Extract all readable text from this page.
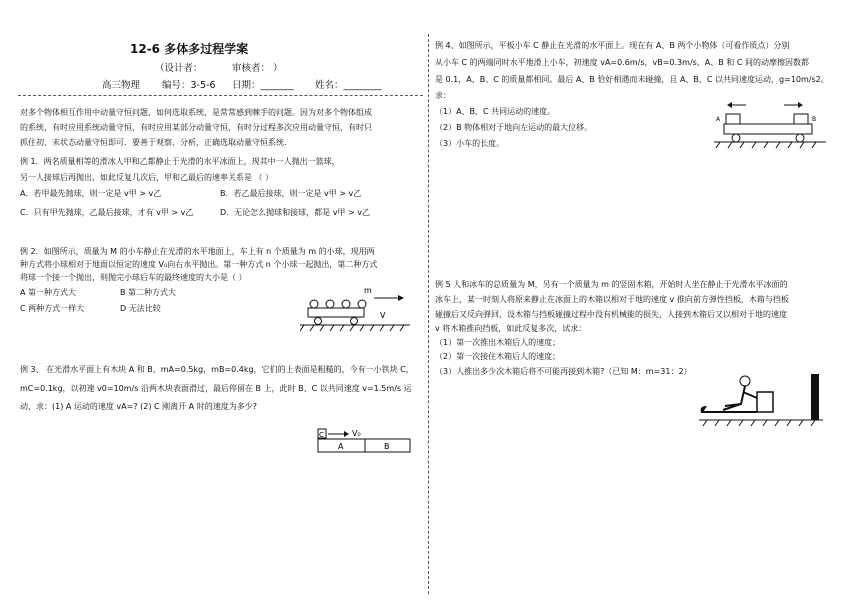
12-6 多体多过程学案
（设计者：	审核者： ）
高三物理 编号：3-5-6 日期：_______ 姓名：________

对多个物体相互作用中动量守恒问题，如何选取系统，是常常感到棘手的问题。因为对多个物体组成

的系统，有时应用系统动量守恒，有时应用某部分动量守恒，有时分过程多次应用动量守恒，有时只

抓住初、末状态动量守恒即可．要善于观察、分析，正确选取动量守恒系统.

例 1．两名质量相等的滑冰人甲和乙都静止于光滑的水平冰面上，现其中一人抛出一篮球，

另一人接球后再抛出，如此反复几次后，甲和乙最后的速率关系是 （ ）

A．若甲最先抛球，则一定是 v甲 > v乙	B．若乙最后接球，则一定是 v甲 > v乙

C．只有甲先抛球，乙最后接球，才有 v甲 > v乙	D．无论怎么抛球和接球，都是 v甲 > v乙

例 2．如图所示，质量为 M 的小车静止在光滑的水平地面上，车上有 n 个质量为 m 的小球，现用两

种方式将小球相对于地面以恒定的速度 V₀向右水平抛出。第一种方式 n 个小球一起抛出，第二种方式

将球一个接一个抛出，则抛完小球后车的最终速度的大小是（ ）

A 第一种方式大	B 第二种方式大

C 两种方式一样大	D 无法比较

例 3、 在光滑水平面上有木块 A 和 B，mA=0.5kg，mB=0.4kg，它们的上表面是粗糙的，今有一小铁块 C，

mC=0.1kg，以初速 v0=10m/s 沿两木块表面滑过，最后停留在 B 上，此时 B、C 以共同速度 v=1.5m/s 运

动，求：(1) A 运动的速度 vA=? (2) C 刚离开 A 时的速度为多少?

m
V
C	V₀
A	B

例 4、如图所示，平板小车 C 静止在光滑的水平面上。现在有 A、B 两个小物体（可看作质点）分别

从小车 C 的两端同时水平地滑上小车，初速度 vA=0.6m/s，vB=0.3m/s，A、B 和 C 间的动摩擦因数都

是 0.1，A、B、C 的质量都相同。最后 A、B 恰好相遇而未碰撞，且 A、B、C 以共同速度运动，g=10m/s2。

求：

（1）A、B、C 共同运动的速度。

（2）B 物体相对于地向左运动的最大位移。

（3）小车的长度。

例 5 人和冰车的总质量为 M，另有一个质量为 m 的竖固木箱，开始时人坐在静止于光滑水平冰面的

冰车上，某一时刻人将原来静止在冰面上的木箱以相对于地的速度 v 推向前方弹性挡板，木箱与挡板

碰撞后又反向弹回，设木箱与挡板碰撞过程中没有机械能的损失，人接到木箱后又以相对于地的速度

v 将木箱推向挡板，如此反复多次，试求：

（1）第一次推出木箱后人的速度；

（2）第一次接住木箱后人的速度；

（3）人推出多少次木箱后将不可能再接到木箱?（已知 M：m=31：2）

A	B
